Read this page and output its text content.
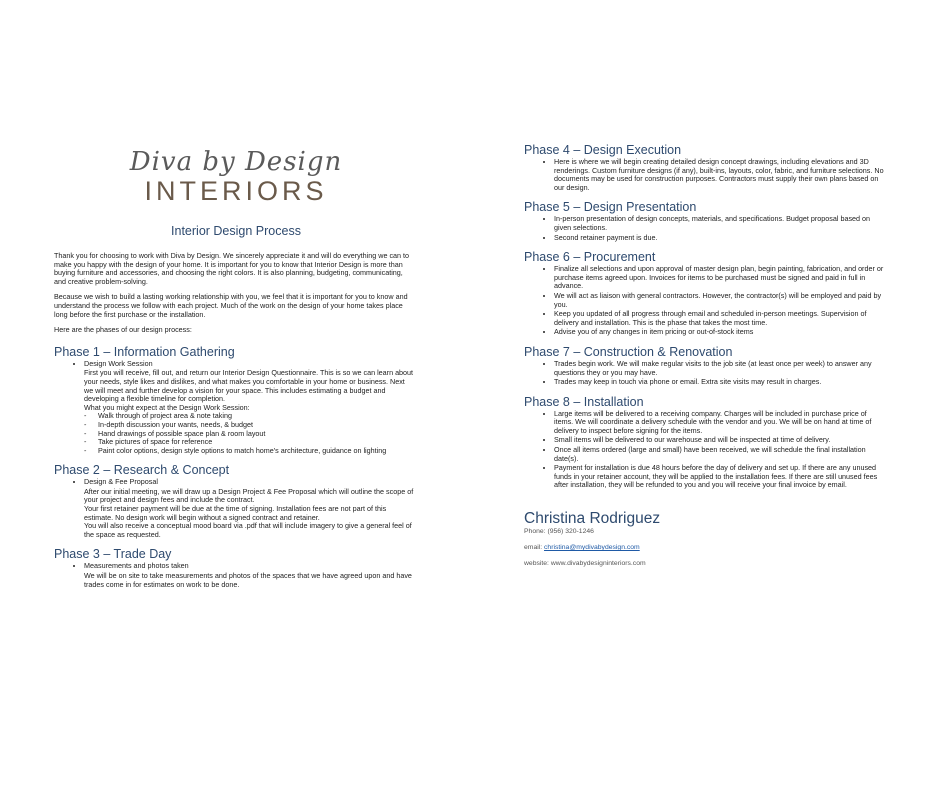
Diva by Design
INTERIORS
Interior Design Process

Thank you for choosing to work with Diva by Design. We sincerely appreciate it and will do everything we can to make you happy with the design of your home. It is important for you to know that Interior Design is more than buying furniture and accessories, and choosing the right colors. It is also planning, budgeting, communicating, and creative problem-solving.

Because we wish to build a lasting working relationship with you, we feel that it is important for you to know and understand the process we follow with each project. Much of the work on the design of your home takes place long before the first purchase or the installation.

Here are the phases of our design process:

Phase 1 – Information Gathering
• Design Work Session

First you will receive, fill out, and return our Interior Design Questionnaire. This is so we can learn about your needs, style likes and dislikes, and what makes you comfortable in your home or business. Next we will meet and further develop a vision for your space. This includes estimating a budget and developing a flexible timeline for completion.

What you might expect at the Design Work Session:

- Walk through of project area & note taking
- In-depth discussion your wants, needs, & budget
- Hand drawings of possible space plan & room layout
- Take pictures of space for reference
- Paint color options, design style options to match home's architecture, guidance on lighting
Phase 2 – Research & Concept
• Design & Fee Proposal

After our initial meeting, we will draw up a Design Project & Fee Proposal which will outline the scope of your project and design fees and include the contract.

Your first retainer payment will be due at the time of signing. Installation fees are not part of this estimate. No design work will begin without a signed contract and retainer.

You will also receive a conceptual mood board via .pdf that will include imagery to give a general feel of the space as requested.

Phase 3 – Trade Day
• Measurements and photos taken

We will be on site to take measurements and photos of the spaces that we have agreed upon and have trades come in for estimates on work to be done.

Phase 4 – Design Execution
• Here is where we will begin creating detailed design concept drawings, including elevations and 3D renderings. Custom furniture designs (if any), built-ins, layouts, color, fabric, and furniture selections. No documents may be used for construction purposes. Contractors must supply their own plans based on our design.
Phase 5 – Design Presentation
• In-person presentation of design concepts, materials, and specifications. Budget proposal based on given selections.
• Second retainer payment is due.
Phase 6 – Procurement
• Finalize all selections and upon approval of master design plan, begin painting, fabrication, and order or purchase items agreed upon. Invoices for items to be purchased must be signed and paid in full in advance.
• We will act as liaison with general contractors. However, the contractor(s) will be employed and paid by you.
• Keep you updated of all progress through email and scheduled in-person meetings. Supervision of delivery and installation. This is the phase that takes the most time.
• Advise you of any changes in item pricing or out-of-stock items
Phase 7 – Construction & Renovation
• Trades begin work. We will make regular visits to the job site (at least once per week) to answer any questions they or you may have.
• Trades may keep in touch via phone or email. Extra site visits may result in charges.
Phase 8 – Installation
• Large items will be delivered to a receiving company. Charges will be included in purchase price of items. We will coordinate a delivery schedule with the vendor and you. We will be on hand at time of delivery to inspect before signing for the items.
• Small items will be delivered to our warehouse and will be inspected at time of delivery.
• Once all items ordered (large and small) have been received, we will schedule the final installation date(s).
• Payment for installation is due 48 hours before the day of delivery and set up. If there are any unused funds in your retainer account, they will be applied to the installation fees. If there are still unused fees after installation, they will be refunded to you and you will receive your final invoice by email.

Christina Rodriguez

Phone: (956) 320-1246

email: christina@mydivabydesign.com

website: www.divabydesigninteriors.com
